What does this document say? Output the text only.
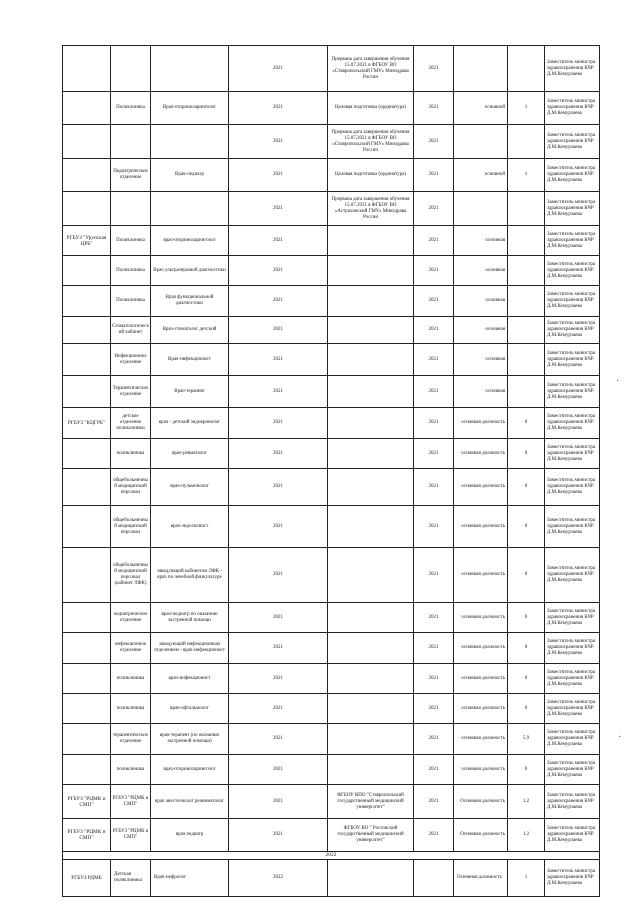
			2021	Прервана дата завершения обучения 15.07.2021 в ФГБОУ ВО «Ставропольский ГМУ» Минздрава России	2021			Заместитель министра здравоохранения КЧР Д.М.Кемурзаева
	Поликлиника	Врач-оториноларинголог	2021	Целевая подготовка (ординатура)	2021	основной	1	Заместитель министра здравоохранения КЧР Д.М.Кемурзаева
			2021	Прервана дата завершения обучения 15.07.2021 в ФГБОУ ВО «Ставропольский ГМУ» Минздрава России	2021			Заместитель министра здравоохранения КЧР Д.М.Кемурзаева
	Педиатрическое отделение	Врач-педиатр	2021	Целевая подготовка (ординатура)	2021	основной	1	Заместитель министра здравоохранения КЧР Д.М.Кемурзаева
			2021	Прервана дата завершения обучения 15.07.2021 в ФГБОУ ВО «Астраханский ГМУ» Минздрава России	2021			Заместитель министра здравоохранения КЧР Д.М.Кемурзаева
РГБУЗ "Урупская ЦРБ"	Поликлиника	врач-оториноларинголог	2021		2021	основная		Заместитель министра здравоохранения КЧР Д.М.Кемурзаева
	Поликлиника	Врач ультразвуковой диагностики	2021		2021	основная		Заместитель министра здравоохранения КЧР Д.М.Кемурзаева
	Поликлиника	Врач функциональной диагностики	2021		2021	основная		Заместитель министра здравоохранения КЧР Д.М.Кемурзаева
	Стоматологический кабинет	Врач-стоматолог детский	2021		2021	основная		Заместитель министра здравоохранения КЧР Д.М.Кемурзаева
	Инфекционное отделение	Врач-инфекционист	2021		2021	основная		Заместитель министра здравоохранения КЧР Д.М.Кемурзаева
	Терапевтическое отделение	Врач-терапевт	2021		2021	основная		Заместитель министра здравоохранения КЧР Д.М.Кемурзаева
РГБУЗ "КЦГРБ"	детское отделение поликлиники	врач - детский эндокринолог	2021		2021	основная должность	0	Заместитель министра здравоохранения КЧР Д.М.Кемурзаева
	поликлиника	врач-ревматолог	2021		2021	основная должность	0	Заместитель министра здравоохранения КЧР Д.М.Кемурзаева
	общебольничный медицинский персонал	врач-пульмонолог	2021		2021	основная должность	0	Заместитель министра здравоохранения КЧР Д.М.Кемурзаева
	общебольничный медицинский персонал	врач-эндоскопист	2021		2021	основная должность	0	Заместитель министра здравоохранения КЧР Д.М.Кемурзаева
	общебольничный медицинский персонал (кабинет ЛФК)	заведующий кабинетом ЛФК - врач по лечебной физкультуре	2021		2021	основная должность	0	Заместитель министра здравоохранения КЧР Д.М.Кемурзаева
	педиатрическое отделение	врач-педиатр по оказанию экстренной помощи	2021		2021	основная должность	0	Заместитель министра здравоохранения КЧР Д.М.Кемурзаева
	инфекционное отделение	заведующий инфекционным отделением - врач-инфекционист	2021		2021	основная должность	0	Заместитель министра здравоохранения КЧР Д.М.Кемурзаева
	поликлиника	врач-инфекционист	2021		2021	основная должность	0	Заместитель министра здравоохранения КЧР Д.М.Кемурзаева
	поликлиника	врач-офтальмолог	2021		2021	основная должность	0	Заместитель министра здравоохранения КЧР Д.М.Кемурзаева
	терапевтическое отделение	врач-терапевт (по оказанию экстренной помощи)	2021		2021	основная должность	5,9	Заместитель министра здравоохранения КЧР Д.М.Кемурзаева
	поликлиника	врач-оториноларинголог	2021		2021	основная должность	0	Заместитель министра здравоохранения КЧР Д.М.Кемурзаева
РГБУЗ "РЦМК и СМП"	РГБУЗ "РЦМК и СМП"	врач анестезиолог реаниматолог	2021	ФГБОУ ВПО "Ставропольский государственный медицинский университет"	2021	Основная должность	1,2	Заместитель министра здравоохранения КЧР Д.М.Кемурзаева
РГБУЗ "РЦМК и СМП"	РГБУЗ "РЦМК и СМП"	врач педиатр	2021	ФГБОУ ВО " Ростовский государственный медицинский университет"	2021	Основная должность	1,2	Заместитель министра здравоохранения КЧР Д.М.Кемурзаева
2022								
РГБУЗ РДМБ	Детская поликлиника	Врач-нефролог	2022			Основная должность	1	Заместитель министра здравоохранения КЧР Д.М.Кемурзаева
·
·
